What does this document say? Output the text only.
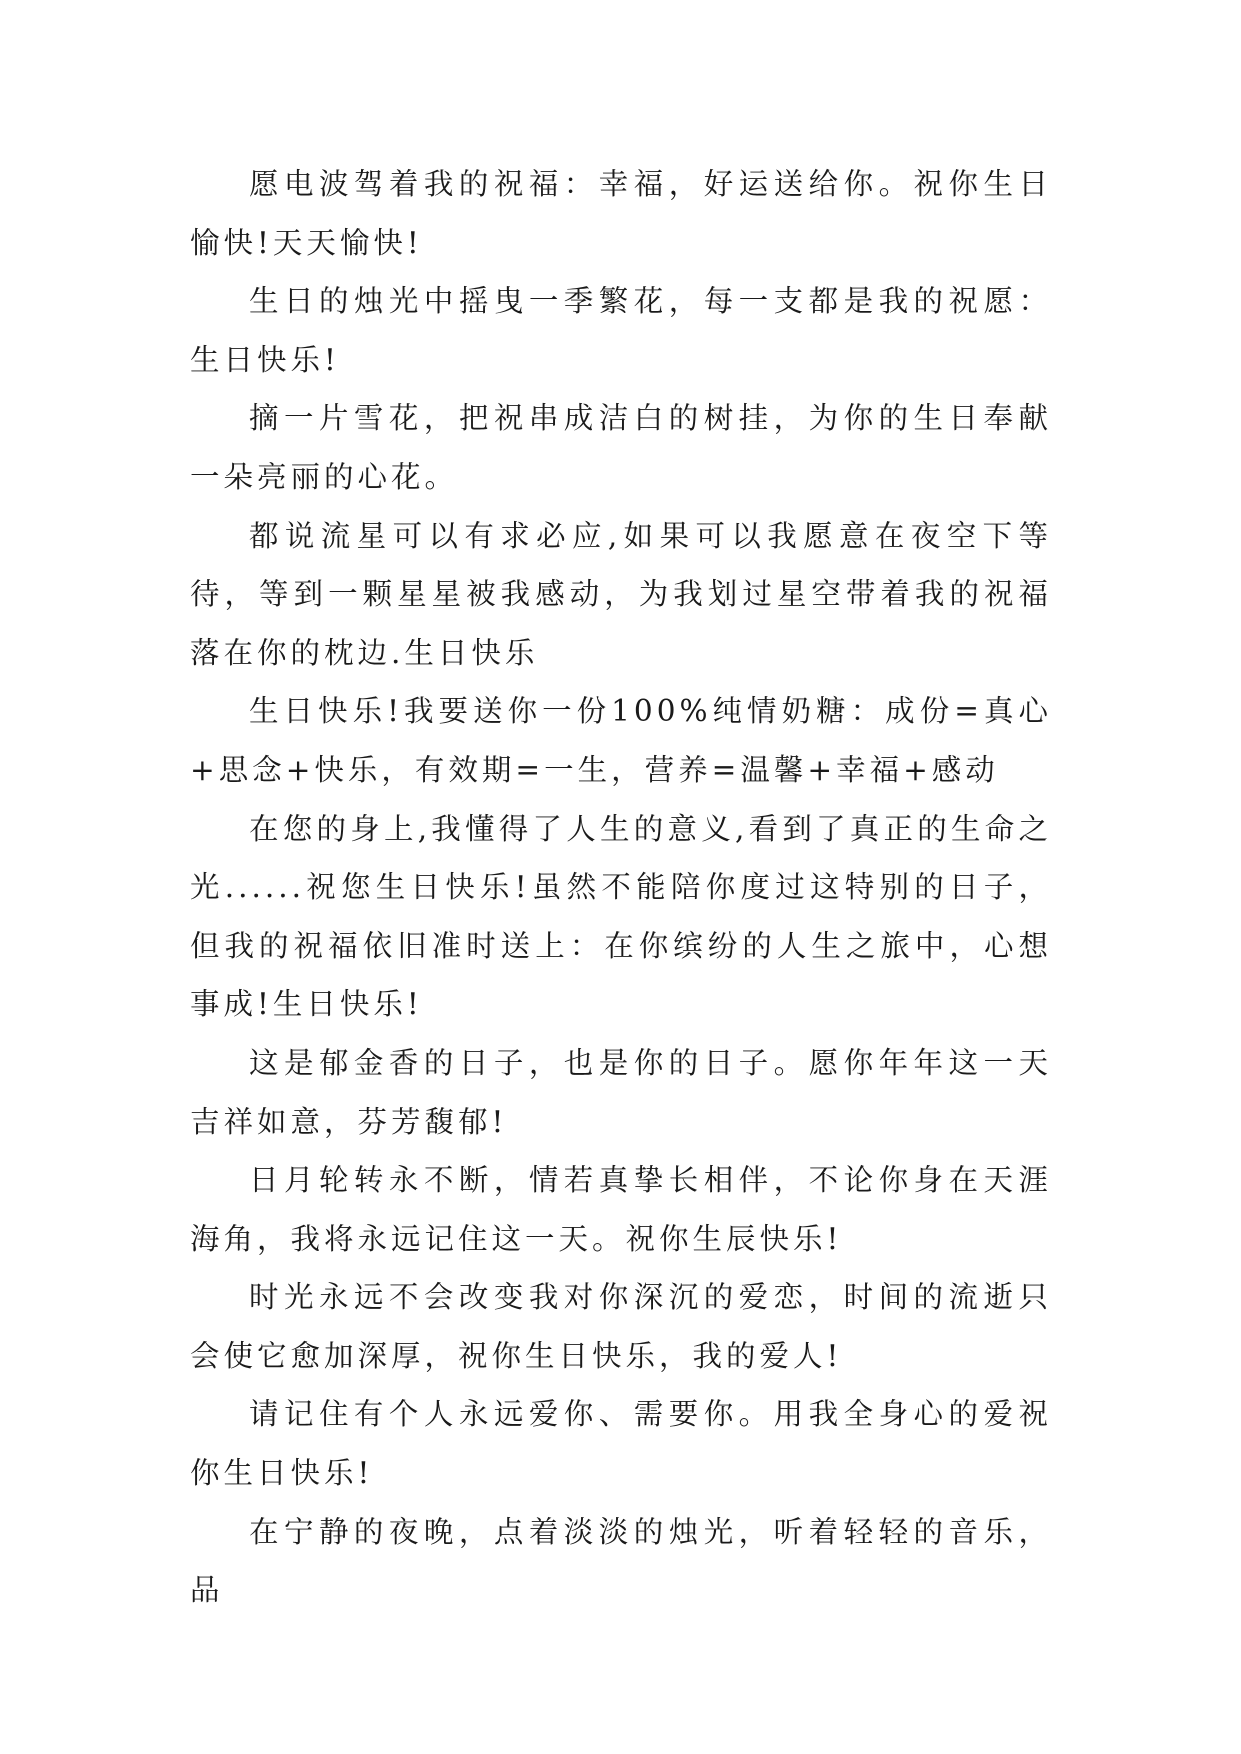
愿电波驾着我的祝福：幸福，好运送给你。祝你生日愉快!天天愉快!

生日的烛光中摇曳一季繁花，每一支都是我的祝愿：生日快乐!

摘一片雪花，把祝串成洁白的树挂，为你的生日奉献一朵亮丽的心花。

都说流星可以有求必应,如果可以我愿意在夜空下等待，等到一颗星星被我感动，为我划过星空带着我的祝福落在你的枕边.生日快乐

生日快乐!我要送你一份100%纯情奶糖：成份=真心+思念+快乐，有效期=一生，营养=温馨+幸福+感动

在您的身上,我懂得了人生的意义,看到了真正的生命之光......祝您生日快乐!虽然不能陪你度过这特别的日子，但我的祝福依旧准时送上：在你缤纷的人生之旅中，心想事成!生日快乐!

这是郁金香的日子，也是你的日子。愿你年年这一天吉祥如意，芬芳馥郁!

日月轮转永不断，情若真挚长相伴，不论你身在天涯海角，我将永远记住这一天。祝你生辰快乐!

时光永远不会改变我对你深沉的爱恋，时间的流逝只会使它愈加深厚，祝你生日快乐，我的爱人!

请记住有个人永远爱你、需要你。用我全身心的爱祝你生日快乐!

在宁静的夜晚，点着淡淡的烛光，听着轻轻的音乐，品
